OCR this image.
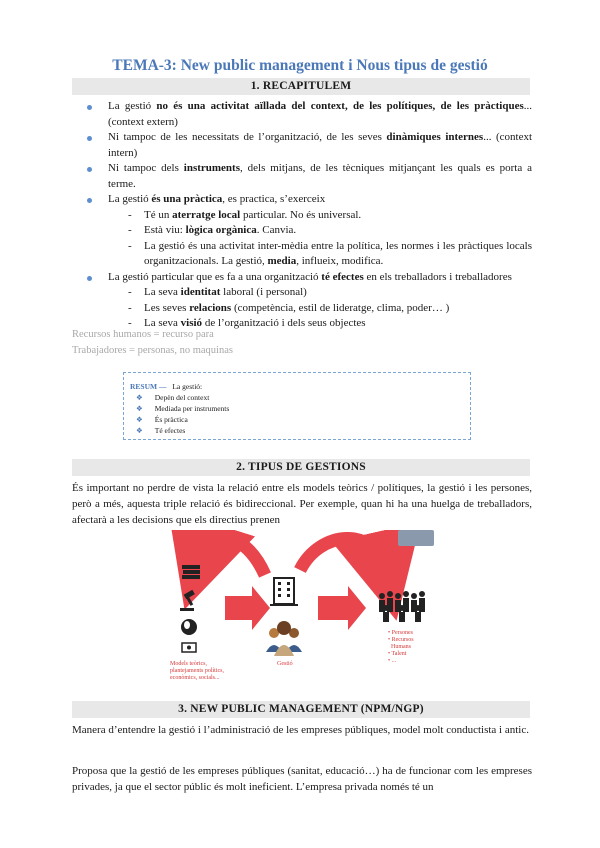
TEMA-3: New public management i Nous tipus de gestió
1. RECAPITULEM

La gestió no és una activitat aïllada del context, de les polítiques, de les pràctiques... (context extern)

Ni tampoc de les necessitats de l’organització, de les seves dinàmiques internes... (context intern)

Ni tampoc dels instruments, dels mitjans, de les tècniques mitjançant les quals es porta a terme.

La gestió és una pràctica, es practica, s’exerceix

- Té un aterratge local particular. No és universal.

- Està viu: lògica orgànica. Canvia.

- La gestió és una activitat inter-mèdia entre la política, les normes i les pràctiques locals organitzacionals. La gestió, media, influeix, modifica.

La gestió particular que es fa a una organització té efectes en els treballadors i treballadores

- La seva identitat laboral (i personal)

- Les seves relacions (competència, estil de lideratge, clima, poder… )

- La seva visió de l’organització i dels seus objectes

Recursos humanos = recurso para
Trabajadores = personas, no maquinas
RESUM — La gestió:
❖ Depèn del context
❖ Mediada per instruments
❖ És pràctica
❖ Té efectes
2. TIPUS DE GESTIONS

És important no perdre de vista la relació entre els models teòrics / polítiques, la gestió i les persones, però a més, aquesta triple relació és bidireccional. Per exemple, quan hi ha una huelga de treballadors, afectarà a les decisions que els directius prenen

Models teòrics, plantejaments polítics, econòmics, socials...
Gestió
• Persones
• Recursos
Humans
• Talent
• ...
3. NEW PUBLIC MANAGEMENT (NPM/NGP)

Manera d’entendre la gestió i l’administració de les empreses públiques, model molt conductista i antic.

Proposa que la gestió de les empreses públiques (sanitat, educació…) ha de funcionar com les empreses privades, ja que el sector públic és molt ineficient. L’empresa privada només té un
